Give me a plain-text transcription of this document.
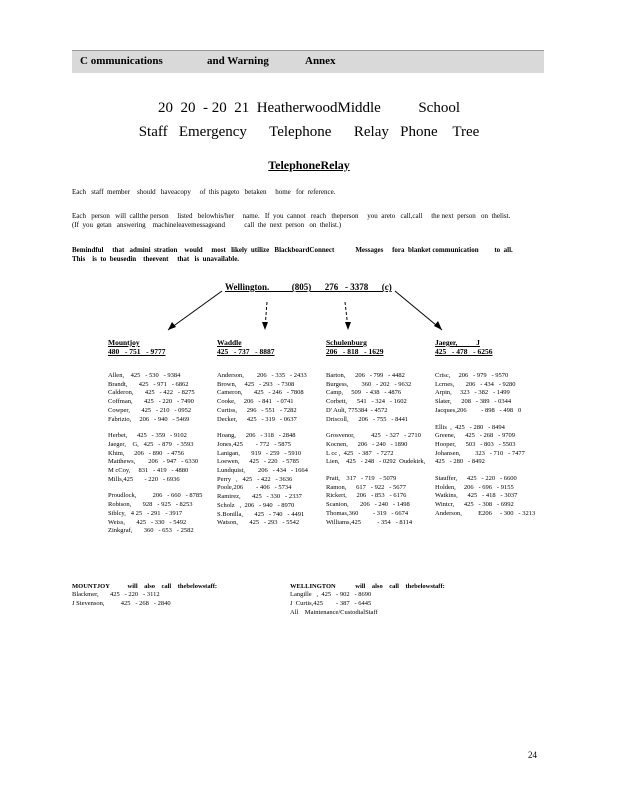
C ommunications	and Warning	Annex
20  20  - 20  21  HeatherwoodMiddle          School
Staff   Emergency      Telephone      Relay   Phone    Tree
TelephoneRelay
Each   staff  member    should   haveacopy     of  this pageto   betaken     home   for  reference.
Each   person   will  callthe person     listed   belowhis/her     name.   If  you  cannot   reach   theperson     you  areto   call,call     the next  person   on  thelist.   (If  you  getan   answering    machineleavemessageand           call  the  next  person   on  thelist.)
Bemindful     that   admini  stration    would     most   likely  utilize   BlackboardConnect            Messages     fora  blanket communication         to  all. This    is  to  beusedin    theevent     that   is  unavailable.
Wellington.          (805)      276   - 3378      (c)
Mountjoy
480   - 751   - 9777
Allen,    425   - 530   - 9384
Brandt,       425   - 971   - 6862
Calderon,       425   - 422   - 8275
Coffman,       425   - 220   - 7490
Cowper,       425   - 210   - 0952
Fabrizio,     206   - 940   - 5469
Herbet,      425   - 359   - 9102
Jaeger,    G,   425   - 879   - 3593
Khim,      206   - 890   - 4756
Matthews,        206   - 947   - 6330
M cCoy,     831   - 419   - 4880
Mills,425       - 220   - 6936
Proudlock,          206   - 660   - 8785
Robison,       928   - 925   - 8253
Siblcy,   4 25   - 291   - 3917
Weiss,       425   - 330   - 5492
Zinkgraf,       360   - 653   - 2582
Waddle
425   - 737   - 8887
Anderson,        206   - 335   - 2433
Brown,     425   - 293   - 7308
Cameron,       425   - 246   - 7808
Cooke,     206   - 841   - 0741
Curtiss,      296   - 551   - 7282
Decker,      425   - 319   - 0637
Hoang,      206   - 318   - 2848
Jones,425        - 772   - 5875
Lanigan,       919   - 259   - 5910
Loewen,      425   - 220   - 5785
Lundquist,        206   - 434   - 1664
Perry   ,   425   - 422   - 3636
Poole,206        - 406   - 5734
Ramirez,       425   - 330   - 2337
Scholz   ,  206   - 940   - 8970
S.Bonilla,       425   - 740   - 4491
Watson,       425   - 293   - 5542
Schulenburg
206   - 818   - 1629
Barton,      206   - 799   - 4482
Burgess,        360   - 202   - 9632
Camp,     509   - 438   - 4876
Corbett,      541   - 324   - 1602
D' Ault, 775384  - 4572
Driscoll,      206   - 755   - 8441
Grosvenor,          425   - 327   - 2710
Kocnen,      206   - 240   - 1890
L cc ,  425   - 387   - 7272
Lien,    425   - 248   - 0292  Oudekirk,
Pratt,    317   - 719   - 5079
Ramon,      617   - 922   - 5677
Rickert,      206   - 853   - 6176
Scanion,       206   - 240   - 1498
Thomas,360         - 319   - 6674
Williams,425          - 354   - 8114
Jaeger,          J
425   - 478   - 6256
Crisc,     206   - 979   - 9570
Lcrnes,       206   - 434   - 9280
Arpin,     323   - 382   - 1499
Slater,      208   - 389   - 0344
Jacques,206         - 898   - 498   0
Ellis  ,  425   - 280   - 8494
Greene,      425   - 268   - 9709
Hooper,      503   - 803   - 5503
Johansen,         323   - 710   - 7477
425   - 280   - 8492
Stauffer,      425   - 220   - 6600
Holden,     206   - 696   - 9155
Watkins,      425   - 418   - 3037
Wintcr,      425   - 308   - 6992
Anderson,          E206     - 300   - 3213
MOUNTJOY           will    also    call    thebelowstaff:
Blackmer,       425   - 220   - 3112
J Stevenson,          425   - 268   - 2840
WELLINGTON            will    also    call    thebelowstaff:
Langille   ,  425   - 902   - 8690
J  Curtis,425        - 387   - 6445
All    Maintenance/CustodialStaff
24
